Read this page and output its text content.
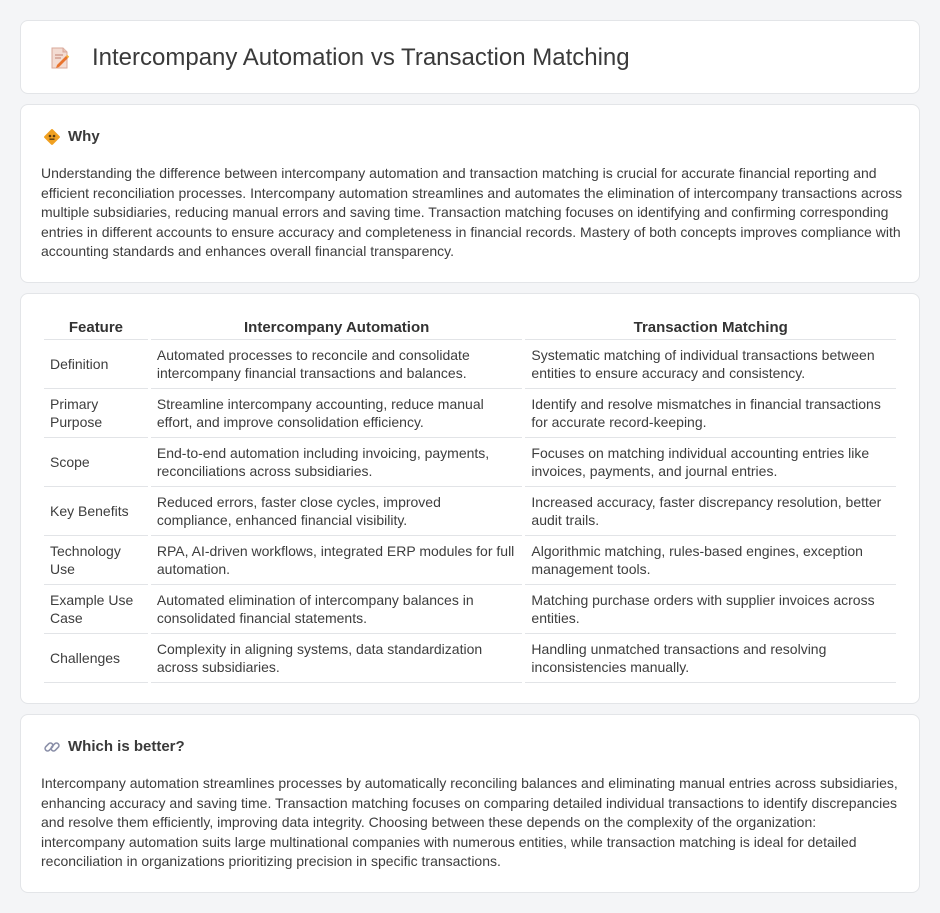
Intercompany Automation vs Transaction Matching
Why

Understanding the difference between intercompany automation and transaction matching is crucial for accurate financial reporting and efficient reconciliation processes. Intercompany automation streamlines and automates the elimination of intercompany transactions across multiple subsidiaries, reducing manual errors and saving time. Transaction matching focuses on identifying and confirming corresponding entries in different accounts to ensure accuracy and completeness in financial records. Mastery of both concepts improves compliance with accounting standards and enhances overall financial transparency.

Feature	Intercompany Automation	Transaction Matching
Definition	Automated processes to reconcile and consolidate intercompany financial transactions and balances.	Systematic matching of individual transactions between entities to ensure accuracy and consistency.
Primary Purpose	Streamline intercompany accounting, reduce manual effort, and improve consolidation efficiency.	Identify and resolve mismatches in financial transactions for accurate record-keeping.
Scope	End-to-end automation including invoicing, payments, reconciliations across subsidiaries.	Focuses on matching individual accounting entries like invoices, payments, and journal entries.
Key Benefits	Reduced errors, faster close cycles, improved compliance, enhanced financial visibility.	Increased accuracy, faster discrepancy resolution, better audit trails.
Technology Use	RPA, AI-driven workflows, integrated ERP modules for full automation.	Algorithmic matching, rules-based engines, exception management tools.
Example Use Case	Automated elimination of intercompany balances in consolidated financial statements.	Matching purchase orders with supplier invoices across entities.
Challenges	Complexity in aligning systems, data standardization across subsidiaries.	Handling unmatched transactions and resolving inconsistencies manually.
Which is better?

Intercompany automation streamlines processes by automatically reconciling balances and eliminating manual entries across subsidiaries, enhancing accuracy and saving time. Transaction matching focuses on comparing detailed individual transactions to identify discrepancies and resolve them efficiently, improving data integrity. Choosing between these depends on the complexity of the organization: intercompany automation suits large multinational companies with numerous entities, while transaction matching is ideal for detailed reconciliation in organizations prioritizing precision in specific transactions.
